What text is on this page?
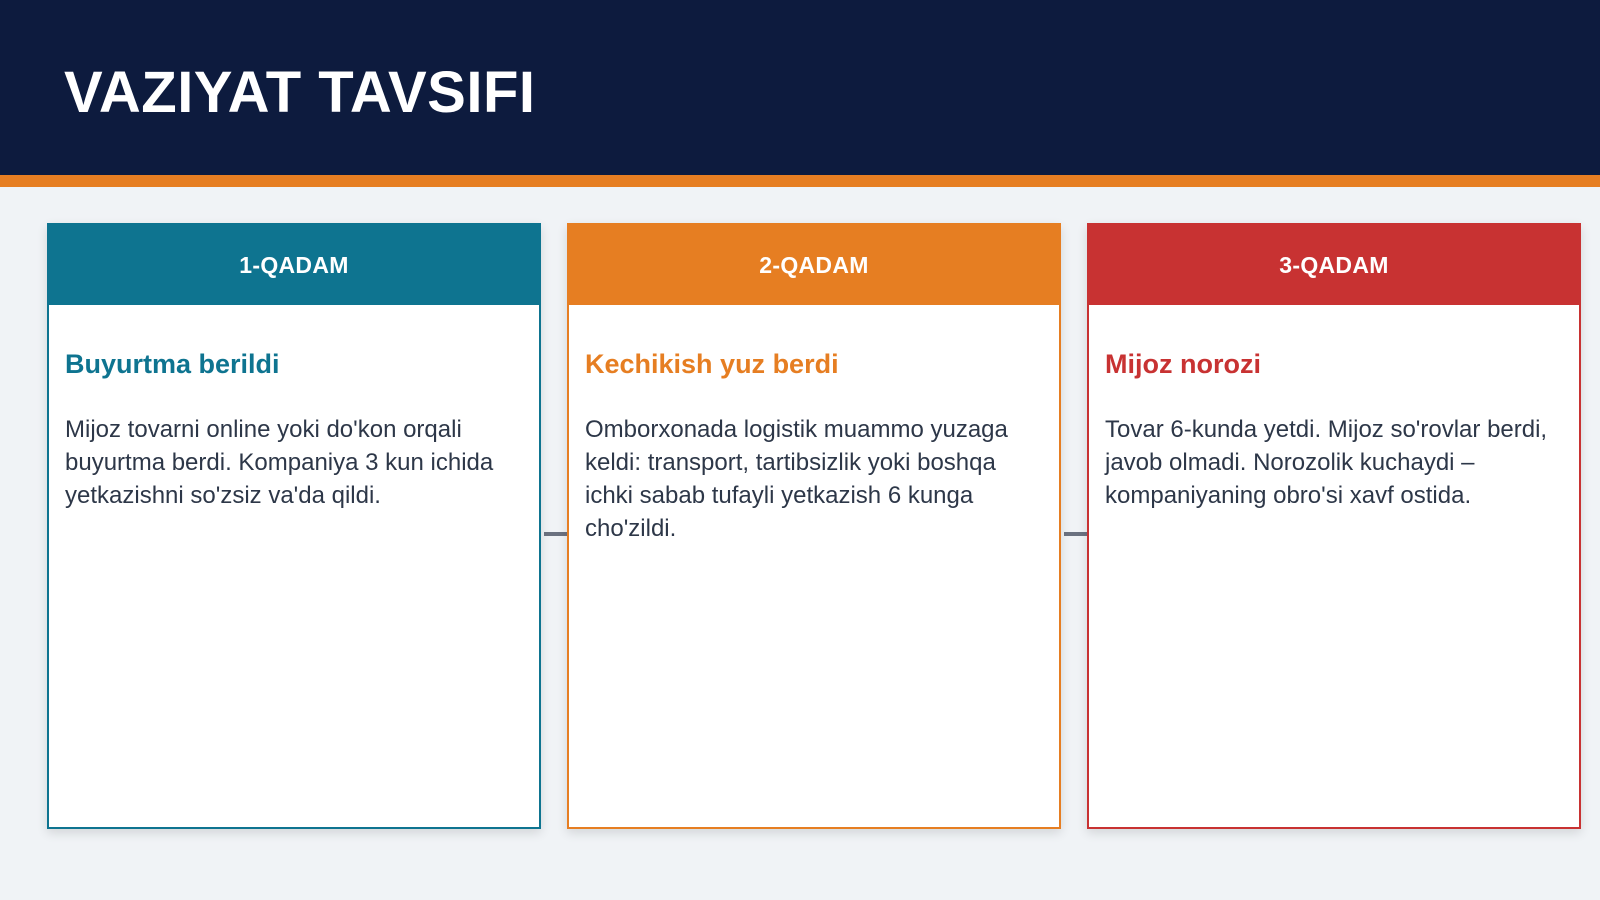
VAZIYAT TAVSIFI
1-QADAM
Buyurtma berildi

Mijoz tovarni online yoki do'kon orqali buyurtma berdi. Kompaniya 3 kun ichida yetkazishni so'zsiz va'da qildi.

2-QADAM
Kechikish yuz berdi

Omborxonada logistik muammo yuzaga keldi: transport, tartibsizlik yoki boshqa ichki sabab tufayli yetkazish 6 kunga cho'zildi.

3-QADAM
Mijoz norozi

Tovar 6-kunda yetdi. Mijoz so'rovlar berdi, javob olmadi. Norozolik kuchaydi – kompaniyaning obro'si xavf ostida.
